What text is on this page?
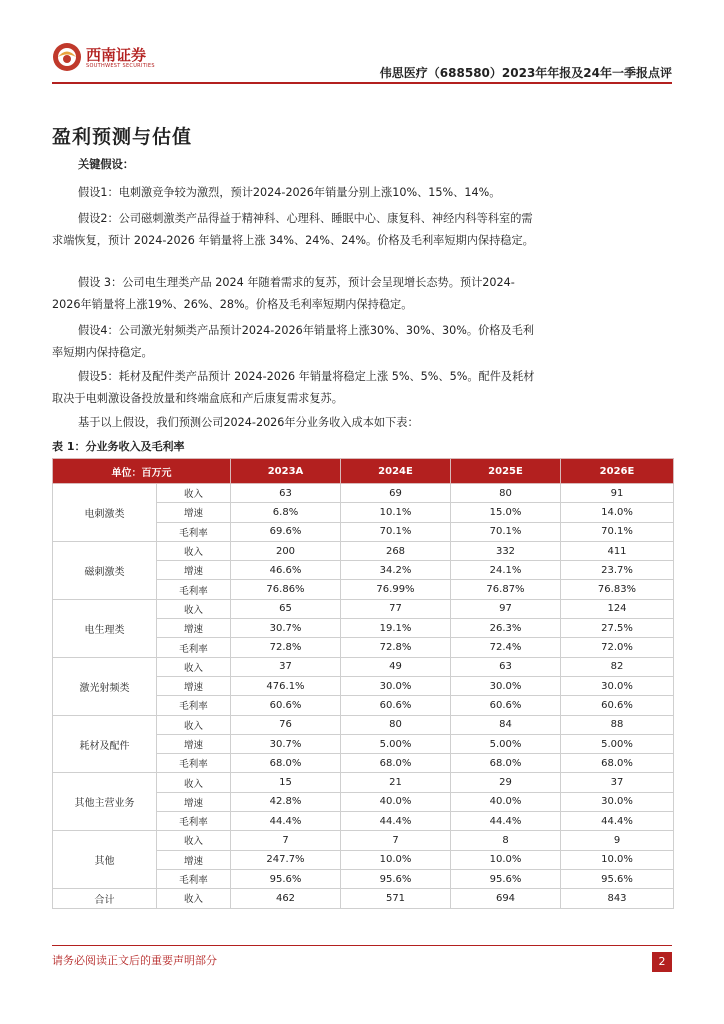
西南证券
SOUTHWEST SECURITIES	伟思医疗（688580）2023年年报及24年一季报点评
盈利预测与估值

关键假设：

假设1：电刺激竞争较为激烈，预计2024-2026年销量分别上涨10%、15%、14%。

假设2：公司磁刺激类产品得益于精神科、心理科、睡眠中心、康复科、神经内科等科室的需求端恢复，预计 2024-2026 年销量将上涨 34%、24%、24%。价格及毛利率短期内保持稳定。

假设 3：公司电生理类产品 2024 年随着需求的复苏，预计会呈现增长态势。预计2024-2026年销量将上涨19%、26%、28%。价格及毛利率短期内保持稳定。

假设4：公司激光射频类产品预计2024-2026年销量将上涨30%、30%、30%。价格及毛利率短期内保持稳定。

假设5：耗材及配件类产品预计 2024-2026 年销量将稳定上涨 5%、5%、5%。配件及耗材取决于电刺激设备投放量和终端盒底和产后康复需求复苏。

基于以上假设，我们预测公司2024-2026年分业务收入成本如下表：

表 1：分业务收入及毛利率
单位：百万元		2023A	2024E	2025E	2026E
电刺激类	收入	63	69	80	91
	增速	6.8%	10.1%	15.0%	14.0%
	毛利率	69.6%	70.1%	70.1%	70.1%
磁刺激类	收入	200	268	332	411
	增速	46.6%	34.2%	24.1%	23.7%
	毛利率	76.86%	76.99%	76.87%	76.83%
电生理类	收入	65	77	97	124
	增速	30.7%	19.1%	26.3%	27.5%
	毛利率	72.8%	72.8%	72.4%	72.0%
激光射频类	收入	37	49	63	82
	增速	476.1%	30.0%	30.0%	30.0%
	毛利率	60.6%	60.6%	60.6%	60.6%
耗材及配件	收入	76	80	84	88
	增速	30.7%	5.00%	5.00%	5.00%
	毛利率	68.0%	68.0%	68.0%	68.0%
其他主营业务	收入	15	21	29	37
	增速	42.8%	40.0%	40.0%	30.0%
	毛利率	44.4%	44.4%	44.4%	44.4%
其他	收入	7	7	8	9
	增速	247.7%	10.0%	10.0%	10.0%
	毛利率	95.6%	95.6%	95.6%	95.6%
合计	收入	462	571	694	843
请务必阅读正文后的重要声明部分	2
